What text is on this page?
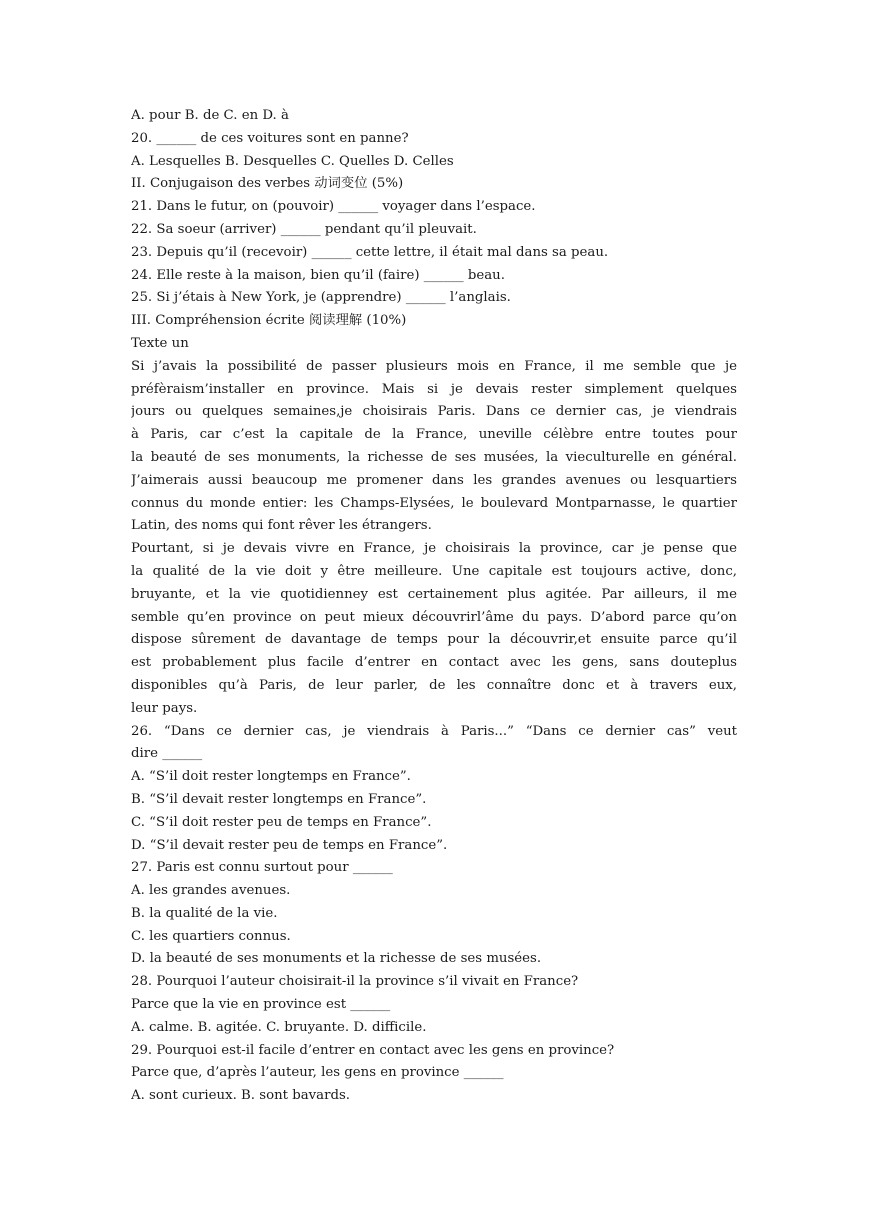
A. pour B. de C. en D. à
20. ______ de ces voitures sont en panne?
A. Lesquelles B. Desquelles C. Quelles D. Celles
II. Conjugaison des verbes 动词变位 (5%)
21. Dans le futur, on (pouvoir) ______ voyager dans l’espace.
22. Sa soeur (arriver) ______ pendant qu’il pleuvait.
23. Depuis qu’il (recevoir) ______ cette lettre, il était mal dans sa peau.
24. Elle reste à la maison, bien qu’il (faire) ______ beau.
25. Si j’étais à New York, je (apprendre) ______ l’anglais.
III. Compréhension écrite 阅读理解 (10%)
Texte un
Si j’avais la possibilité de passer plusieurs mois en France, il me semble que je
préfèraism’installer en province. Mais si je devais rester simplement quelques
jours ou quelques semaines,je choisirais Paris. Dans ce dernier cas, je viendrais
à Paris, car c’est la capitale de la France, uneville célèbre entre toutes pour
la beauté de ses monuments, la richesse de ses musées, la vieculturelle en général.
J’aimerais aussi beaucoup me promener dans les grandes avenues ou lesquartiers
connus du monde entier: les Champs-Elysées, le boulevard Montparnasse, le quartier
Latin, des noms qui font rêver les étrangers.
Pourtant, si je devais vivre en France, je choisirais la province, car je pense que
la qualité de la vie doit y être meilleure. Une capitale est toujours active, donc,
bruyante, et la vie quotidienney est certainement plus agitée. Par ailleurs, il me
semble qu’en province on peut mieux découvrirl’âme du pays. D’abord parce qu’on
dispose sûrement de davantage de temps pour la découvrir,et ensuite parce qu’il
est probablement plus facile d’entrer en contact avec les gens, sans douteplus
disponibles qu’à Paris, de leur parler, de les connaître donc et à travers eux,
leur pays.
26. “Dans ce dernier cas, je viendrais à Paris...” “Dans ce dernier cas” veut
dire ______
A. “S’il doit rester longtemps en France”.
B. “S’il devait rester longtemps en France”.
C. “S’il doit rester peu de temps en France”.
D. “S’il devait rester peu de temps en France”.
27. Paris est connu surtout pour ______
A. les grandes avenues.
B. la qualité de la vie.
C. les quartiers connus.
D. la beauté de ses monuments et la richesse de ses musées.
28. Pourquoi l’auteur choisirait-il la province s’il vivait en France?
Parce que la vie en province est ______
A. calme. B. agitée. C. bruyante. D. difficile.
29. Pourquoi est-il facile d’entrer en contact avec les gens en province?
Parce que, d’après l’auteur, les gens en province ______
A. sont curieux. B. sont bavards.
